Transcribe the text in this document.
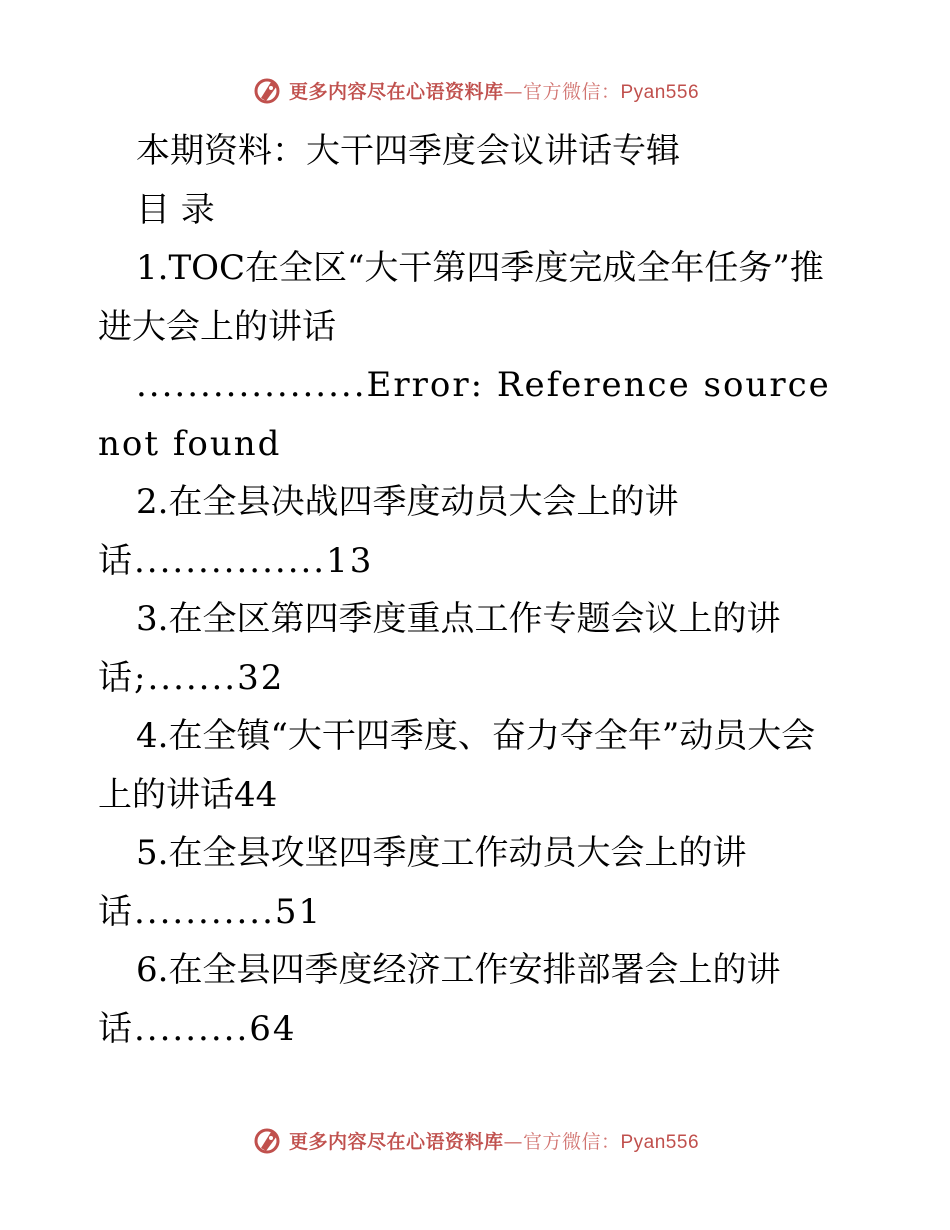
更多内容尽在心语资料库—官方微信：Pyan556
本期资料：大干四季度会议讲话专辑
目 录
1.TOC在全区“大干第四季度完成全年任务”推
进大会上的讲话
..................Error: Reference source
not found
2.在全县决战四季度动员大会上的讲
话...............13
3.在全区第四季度重点工作专题会议上的讲
话;.......32
4.在全镇“大干四季度、奋力夺全年”动员大会
上的讲话44
5.在全县攻坚四季度工作动员大会上的讲
话...........51
6.在全县四季度经济工作安排部署会上的讲
话.........64
更多内容尽在心语资料库—官方微信：Pyan556
